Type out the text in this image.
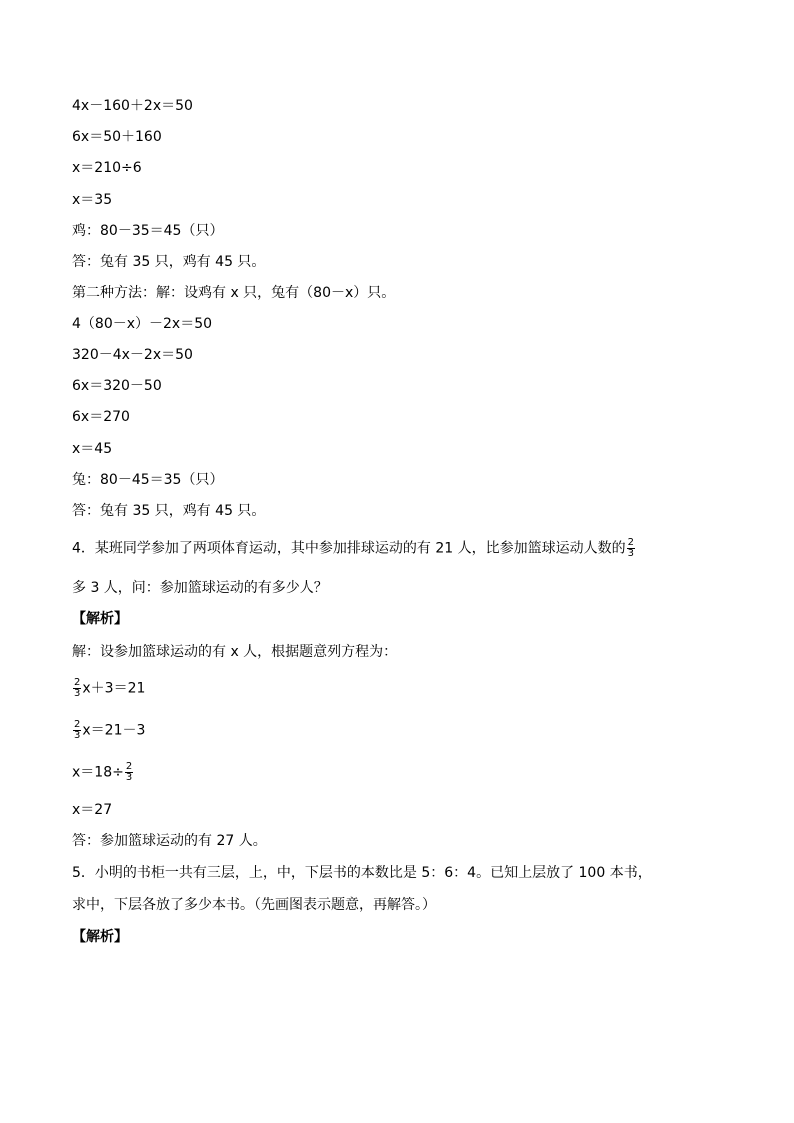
4x－160＋2x＝50
6x＝50＋160
x＝210÷6
x＝35
鸡：80－35＝45（只）
答：兔有 35 只，鸡有 45 只。
第二种方法：解：设鸡有 x 只，兔有（80－x）只。
4（80－x）－2x＝50
320－4x－2x＝50
6x＝320－50
6x＝270
x＝45
兔：80－45＝35（只）
答：兔有 35 只，鸡有 45 只。
4．某班同学参加了两项体育运动，其中参加排球运动的有 21 人，比参加篮球运动人数的 $\frac{2}{3}$
多 3 人，问：参加篮球运动的有多少人？
【解析】
解：设参加篮球运动的有 x 人，根据题意列方程为：
$\frac{2}{3} x+3=21$
$\frac{2}{3} x=21-3$
$x=18\div \frac{2}{3}$
x＝27
答：参加篮球运动的有 27 人。
5．小明的书柜一共有三层，上，中，下层书的本数比是 5：6：4。已知上层放了 100 本书，
求中，下层各放了多少本书。（先画图表示题意，再解答。）
【解析】
